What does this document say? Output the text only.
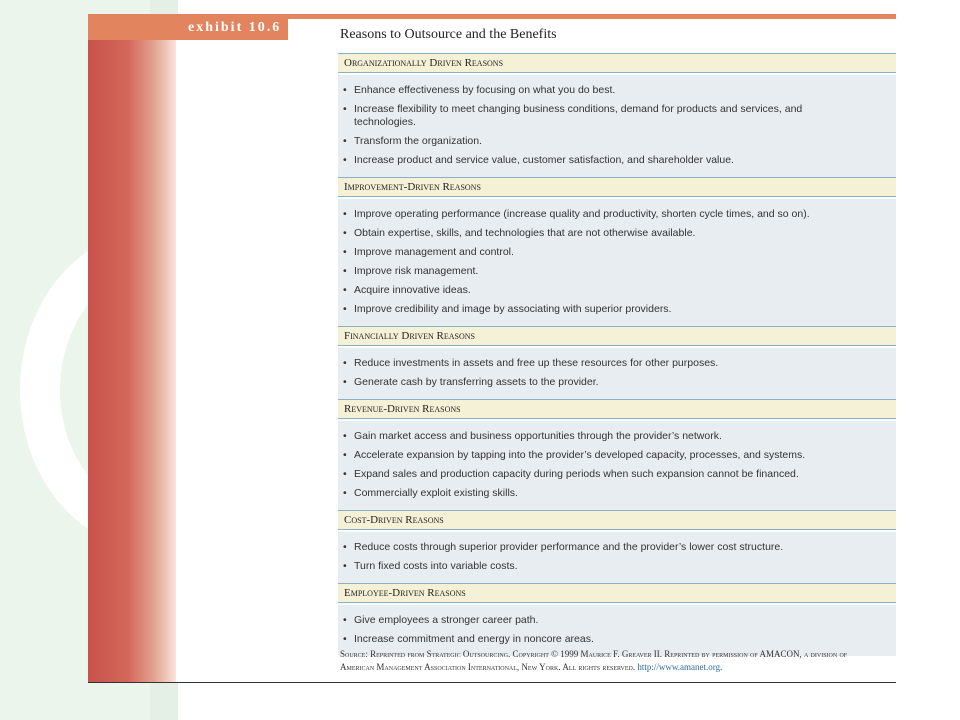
exhibit 10.6	Reasons to Outsource and the Benefits
Organizationally Driven Reasons
• Enhance effectiveness by focusing on what you do best.
• Increase flexibility to meet changing business conditions, demand for products and services, and technologies.
• Transform the organization.
• Increase product and service value, customer satisfaction, and shareholder value.
Improvement-Driven Reasons
• Improve operating performance (increase quality and productivity, shorten cycle times, and so on).
• Obtain expertise, skills, and technologies that are not otherwise available.
• Improve management and control.
• Improve risk management.
• Acquire innovative ideas.
• Improve credibility and image by associating with superior providers.
Financially Driven Reasons
• Reduce investments in assets and free up these resources for other purposes.
• Generate cash by transferring assets to the provider.
Revenue-Driven Reasons
• Gain market access and business opportunities through the provider’s network.
• Accelerate expansion by tapping into the provider’s developed capacity, processes, and systems.
• Expand sales and production capacity during periods when such expansion cannot be financed.
• Commercially exploit existing skills.
Cost-Driven Reasons
• Reduce costs through superior provider performance and the provider’s lower cost structure.
• Turn fixed costs into variable costs.
Employee-Driven Reasons
• Give employees a stronger career path.
• Increase commitment and energy in noncore areas.
Source: Reprinted from Strategic Outsourcing. Copyright © 1999 Maurice F. Greaver II. Reprinted by permission of AMACON, a division of American Management Association International, New York. All rights reserved. http://www.amanet.org.
